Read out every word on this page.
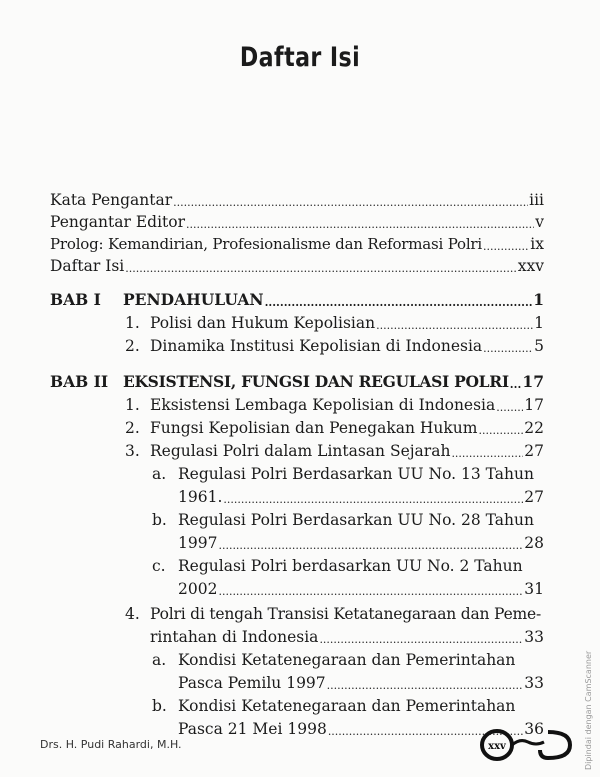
Daftar Isi
Kata Pengantar .....	iii
Pengantar Editor .....	v
Prolog: Kemandirian, Profesionalisme dan Reformasi Polri .....	ix
Daftar Isi .....	xxv
BAB I PENDAHULUAN .....	1
1. Polisi dan Hukum Kepolisian .....	1
2. Dinamika Institusi Kepolisian di Indonesia .....	5
BAB II EKSISTENSI, FUNGSI DAN REGULASI POLRI ..... 17
1. Eksistensi Lembaga Kepolisian di Indonesia ..... 17
2. Fungsi Kepolisian dan Penegakan Hukum .....	22
3. Regulasi Polri dalam Lintasan Sejarah .....	27
a. Regulasi Polri Berdasarkan UU No. 13 Tahun
1961. .....	27
b. Regulasi Polri Berdasarkan UU No. 28 Tahun
1997 .....	28
c. Regulasi Polri berdasarkan UU No. 2 Tahun
2002 .....	31
4. Polri di tengah Transisi Ketatanegaraan dan Peme-
rintahan di Indonesia .....	33
a. Kondisi Ketatenegaraan dan Pemerintahan
Pasca Pemilu 1997 .....	33
b. Kondisi Ketatenegaraan dan Pemerintahan
Pasca 21 Mei 1998 .....	36
Drs. H. Pudi Rahardi, M.H.	xxv	Dipindai dengan CamScanner
